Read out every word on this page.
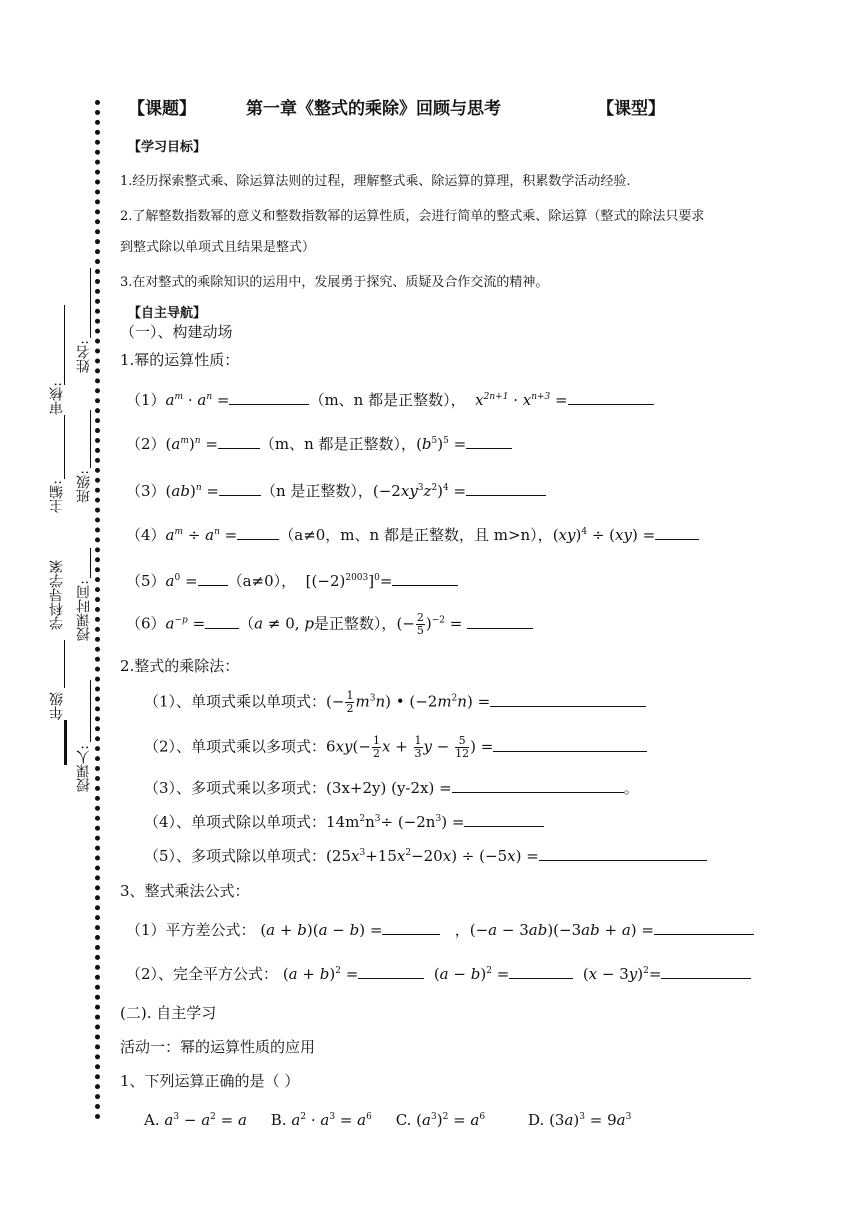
审核:
姓名:
主编: 班级:
学科导学案 授课时间:
年级
授课人:
【课题】	第一章《整式的乘除》回顾与思考	【课型】
【学习目标】
1.经历探索整式乘、除运算法则的过程，理解整式乘、除运算的算理，积累数学活动经验.
2.了解整数指数幂的意义和整数指数幂的运算性质，会进行简单的整式乘、除运算（整式的除法只要求
到整式除以单项式且结果是整式）
3.在对整式的乘除知识的运用中，发展勇于探究、质疑及合作交流的精神。
【自主导航】
（一）、构建动场
1.幂的运算性质：
$(1)a^m \cdot a^n$ =	（m、n 都是正整数）， $x^{2n+1} \cdot x^{n+3}$ =
$(2)(a^m)^n$ =	（m、n 都是正整数），$(b^5)^5$ =
（3）(ab)$^n$ =	（n 是正整数），$(-2xy^3z^2)^4$ =
$(4)a^m \div a^n$ =	（a≠0，m、n 都是正整数，且 m>n），(xy)$^4$ ÷ (xy) =
$(5)a^0 = (a\ne 0)$，  $[(-2)^{2003}]^0=$
$(6)a^{-p} = (a \ne 0$, p是正整数），(− $\frac{2}{5} )^{-2}$ =
2.整式的乘除法：
（1）、单项式乘以单项式：(− $\frac{1}{2} m^3n$) • $(-2m^2n)$ =
（2）、单项式乘以多项式：$6xy(- \frac{1}{2}$ $x + \frac{1}{3}$ $y - \frac{5}{12}$ ) =
（3）、多项式乘以多项式：(3x+2y) (y-2x) =	。
（4）、单项式除以单项式：$14m^2n^3\div (-2n^3)$ =
（5）、多项式除以单项式：$(25x^3+15x^2-20x) \div (-5x)$ =
3、整式乘法公式：
（1）平方差公式： (a + b)(a − b) =	，(−a − 3ab)(−3ab + a) =
（2）、完全平方公式： $(a + b)^2$ =	$(a - b)^2$ =	$(x - 3y)^2=$
(二). 自主学习
活动一：幂的运算性质的应用
1、下列运算正确的是（ ）
A. $a^3 - a^2 = a$ B. $a^2 \cdot a^3 = a^6$ C. $(a^3)^2 = a^6$	D. $(3a)^3 = 9a^3$
